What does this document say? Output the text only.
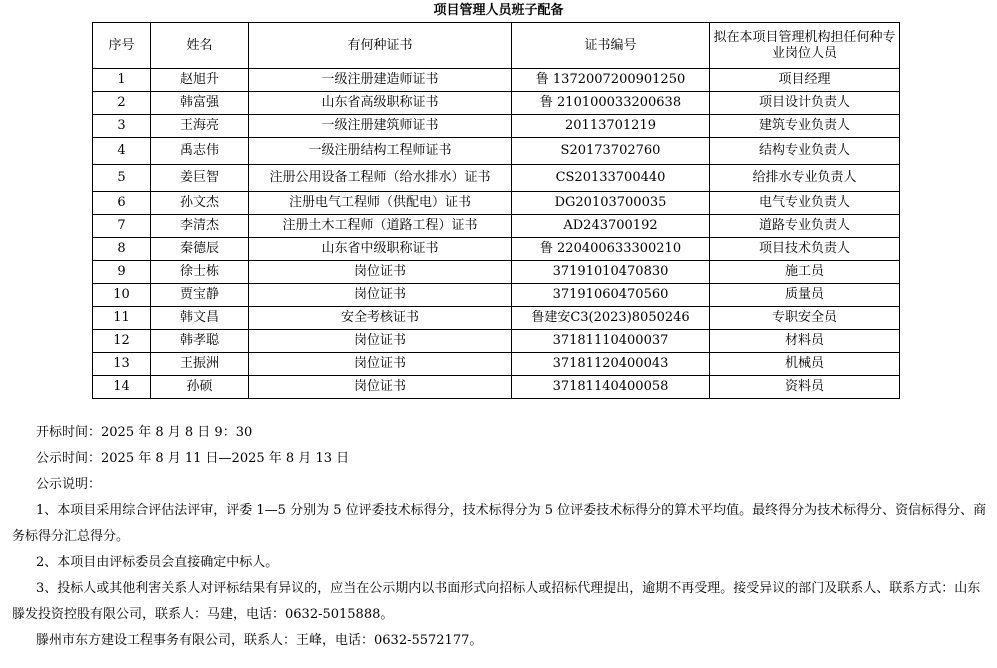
项目管理人员班子配备
序号	姓名	有何种证书	证书编号	拟在本项目管理机构担任何种专业岗位人员
1	赵旭升	一级注册建造师证书	鲁 1372007200901250	项目经理
2	韩富强	山东省高级职称证书	鲁 210100033200638	项目设计负责人
3	王海亮	一级注册建筑师证书	20113701219	建筑专业负责人
4	禹志伟	一级注册结构工程师证书	S20173702760	结构专业负责人
5	姜巨智	注册公用设备工程师（给水排水）证书	CS20133700440	给排水专业负责人
6	孙文杰	注册电气工程师（供配电）证书	DG20103700035	电气专业负责人
7	李清杰	注册土木工程师（道路工程）证书	AD243700192	道路专业负责人
8	秦德辰	山东省中级职称证书	鲁 220400633300210	项目技术负责人
9	徐士栋	岗位证书	37191010470830	施工员
10	贾宝静	岗位证书	37191060470560	质量员
11	韩文昌	安全考核证书	鲁建安C3(2023)8050246	专职安全员
12	韩孝聪	岗位证书	37181110400037	材料员
13	王振洲	岗位证书	37181120400043	机械员
14	孙硕	岗位证书	37181140400058	资料员

开标时间：2025 年 8 月 8 日 9：30

公示时间：2025 年 8 月 11 日—2025 年 8 月 13 日

公示说明：

1、本项目采用综合评估法评审，评委 1—5 分别为 5 位评委技术标得分，技术标得分为 5 位评委技术标得分的算术平均值。最终得分为技术标得分、资信标得分、商务标得分汇总得分。

2、本项目由评标委员会直接确定中标人。

3、投标人或其他利害关系人对评标结果有异议的，应当在公示期内以书面形式向招标人或招标代理提出，逾期不再受理。接受异议的部门及联系人、联系方式：山东滕发投资控股有限公司，联系人：马建，电话：0632-5015888。

滕州市东方建设工程事务有限公司，联系人：王峰，电话：0632-5572177。
